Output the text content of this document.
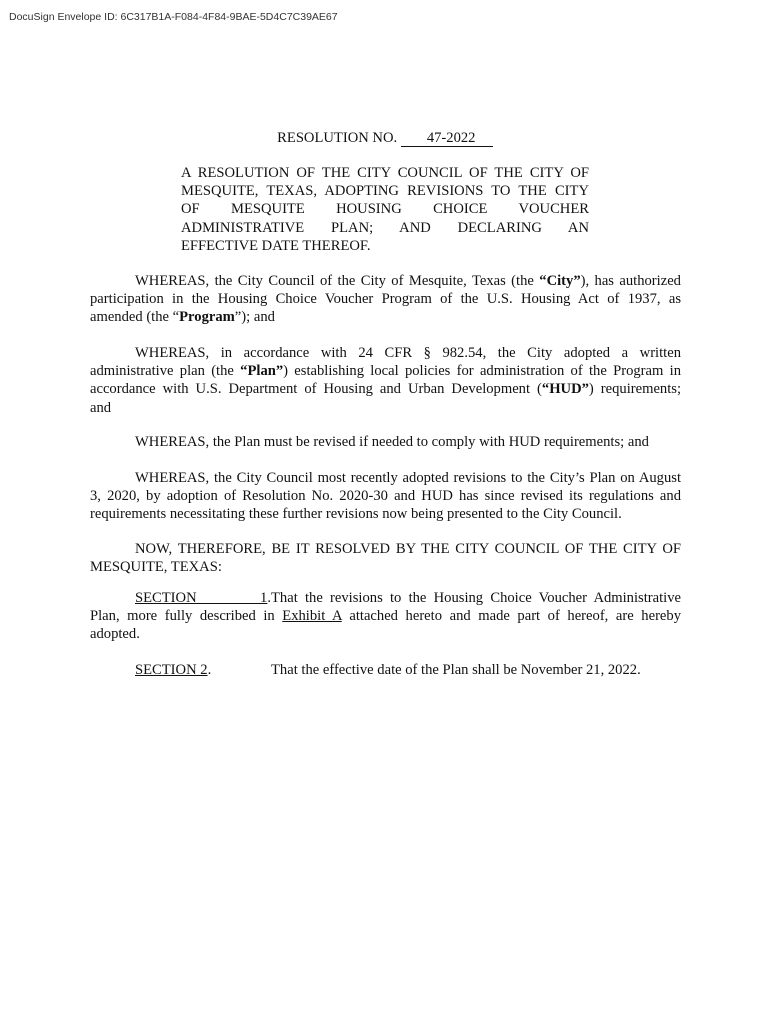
DocuSign Envelope ID: 6C317B1A-F084-4F84-9BAE-5D4C7C39AE67
RESOLUTION NO. 47-2022
A RESOLUTION OF THE CITY COUNCIL OF THE CITY OF
MESQUITE, TEXAS, ADOPTING REVISIONS TO THE CITY
OF MESQUITE HOUSING CHOICE VOUCHER
ADMINISTRATIVE PLAN; AND DECLARING AN
EFFECTIVE DATE THEREOF.
WHEREAS, the City Council of the City of Mesquite, Texas (the “City”), has authorized
participation in the Housing Choice Voucher Program of the U.S. Housing Act of 1937, as
amended (the “Program”); and
WHEREAS, in accordance with 24 CFR § 982.54, the City adopted a written
administrative plan (the “Plan”) establishing local policies for administration of the Program in
accordance with U.S. Department of Housing and Urban Development (“HUD”) requirements;
and
WHEREAS, the Plan must be revised if needed to comply with HUD requirements; and
WHEREAS, the City Council most recently adopted revisions to the City’s Plan on August
3, 2020, by adoption of Resolution No. 2020-30 and HUD has since revised its regulations and
requirements necessitating these further revisions now being presented to the City Council.
NOW, THEREFORE, BE IT RESOLVED BY THE CITY COUNCIL OF THE CITY OF
MESQUITE, TEXAS:
SECTION 1.That the revisions to the Housing Choice Voucher Administrative
Plan, more fully described in Exhibit A attached hereto and made part of hereof, are hereby
adopted.
SECTION 2.	That the effective date of the Plan shall be November 21, 2022.
